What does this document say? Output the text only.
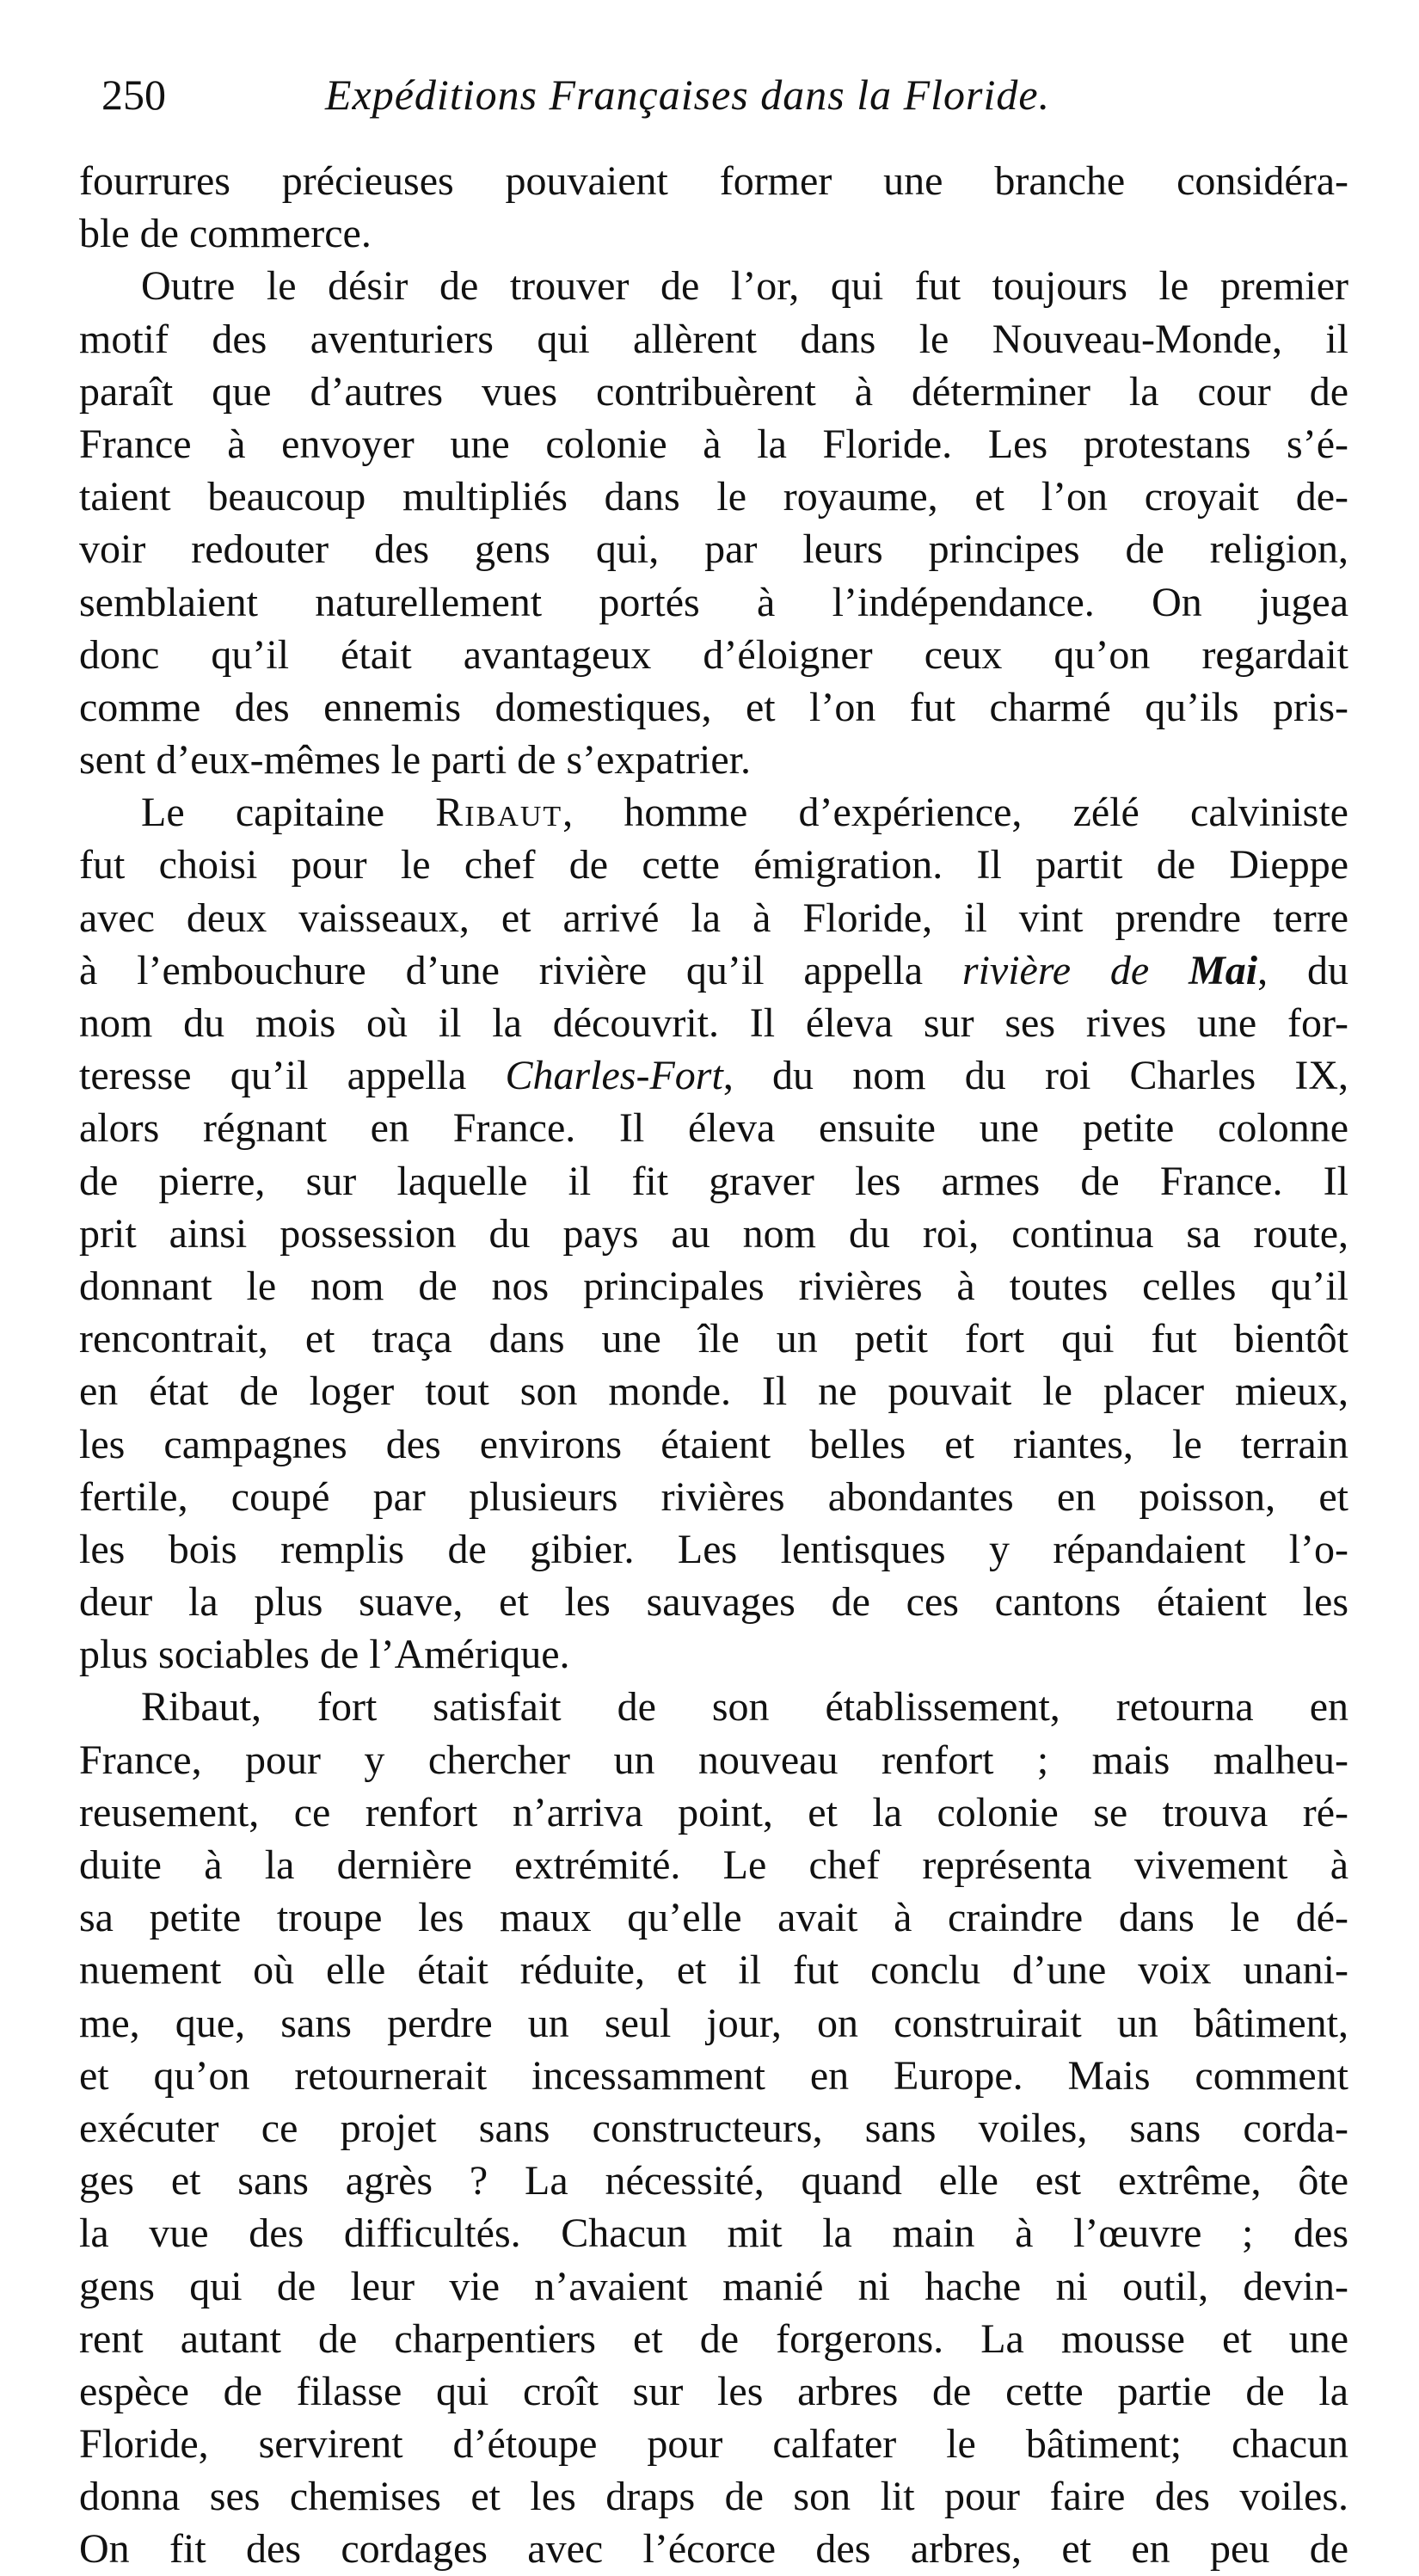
250	Expéditions Françaises dans la Floride.
fourrures précieuses pouvaient former une branche considéra-
ble de commerce.
Outre le désir de trouver de l’or, qui fut toujours le premier
motif des aventuriers qui allèrent dans le Nouveau-Monde, il
paraît que d’autres vues contribuèrent à déterminer la cour de
France à envoyer une colonie à la Floride. Les protestans s’é-
taient beaucoup multipliés dans le royaume, et l’on croyait de-
voir redouter des gens qui, par leurs principes de religion,
semblaient naturellement portés à l’indépendance. On jugea
donc qu’il était avantageux d’éloigner ceux qu’on regardait
comme des ennemis domestiques, et l’on fut charmé qu’ils pris-
sent d’eux-mêmes le parti de s’expatrier.
Le capitaine Ribaut, homme d’expérience, zélé calviniste
fut choisi pour le chef de cette émigration. Il partit de Dieppe
avec deux vaisseaux, et arrivé la à Floride, il vint prendre terre
à l’embouchure d’une rivière qu’il appella rivière de Mai, du
nom du mois où il la découvrit. Il éleva sur ses rives une for-
teresse qu’il appella Charles-Fort, du nom du roi Charles IX,
alors régnant en France. Il éleva ensuite une petite colonne
de pierre, sur laquelle il fit graver les armes de France. Il
prit ainsi possession du pays au nom du roi, continua sa route,
donnant le nom de nos principales rivières à toutes celles qu’il
rencontrait, et traça dans une île un petit fort qui fut bientôt
en état de loger tout son monde. Il ne pouvait le placer mieux,
les campagnes des environs étaient belles et riantes, le terrain
fertile, coupé par plusieurs rivières abondantes en poisson, et
les bois remplis de gibier. Les lentisques y répandaient l’o-
deur la plus suave, et les sauvages de ces cantons étaient les
plus sociables de l’Amérique.
Ribaut, fort satisfait de son établissement, retourna en
France, pour y chercher un nouveau renfort ; mais malheu-
reusement, ce renfort n’arriva point, et la colonie se trouva ré-
duite à la dernière extrémité. Le chef représenta vivement à
sa petite troupe les maux qu’elle avait à craindre dans le dé-
nuement où elle était réduite, et il fut conclu d’une voix unani-
me, que, sans perdre un seul jour, on construirait un bâtiment,
et qu’on retournerait incessamment en Europe. Mais comment
exécuter ce projet sans constructeurs, sans voiles, sans corda-
ges et sans agrès ? La nécessité, quand elle est extrême, ôte
la vue des difficultés. Chacun mit la main à l’œuvre ; des
gens qui de leur vie n’avaient manié ni hache ni outil, devin-
rent autant de charpentiers et de forgerons. La mousse et une
espèce de filasse qui croît sur les arbres de cette partie de la
Floride, servirent d’étoupe pour calfater le bâtiment; chacun
donna ses chemises et les draps de son lit pour faire des voiles.
On fit des cordages avec l’écorce des arbres, et en peu de
